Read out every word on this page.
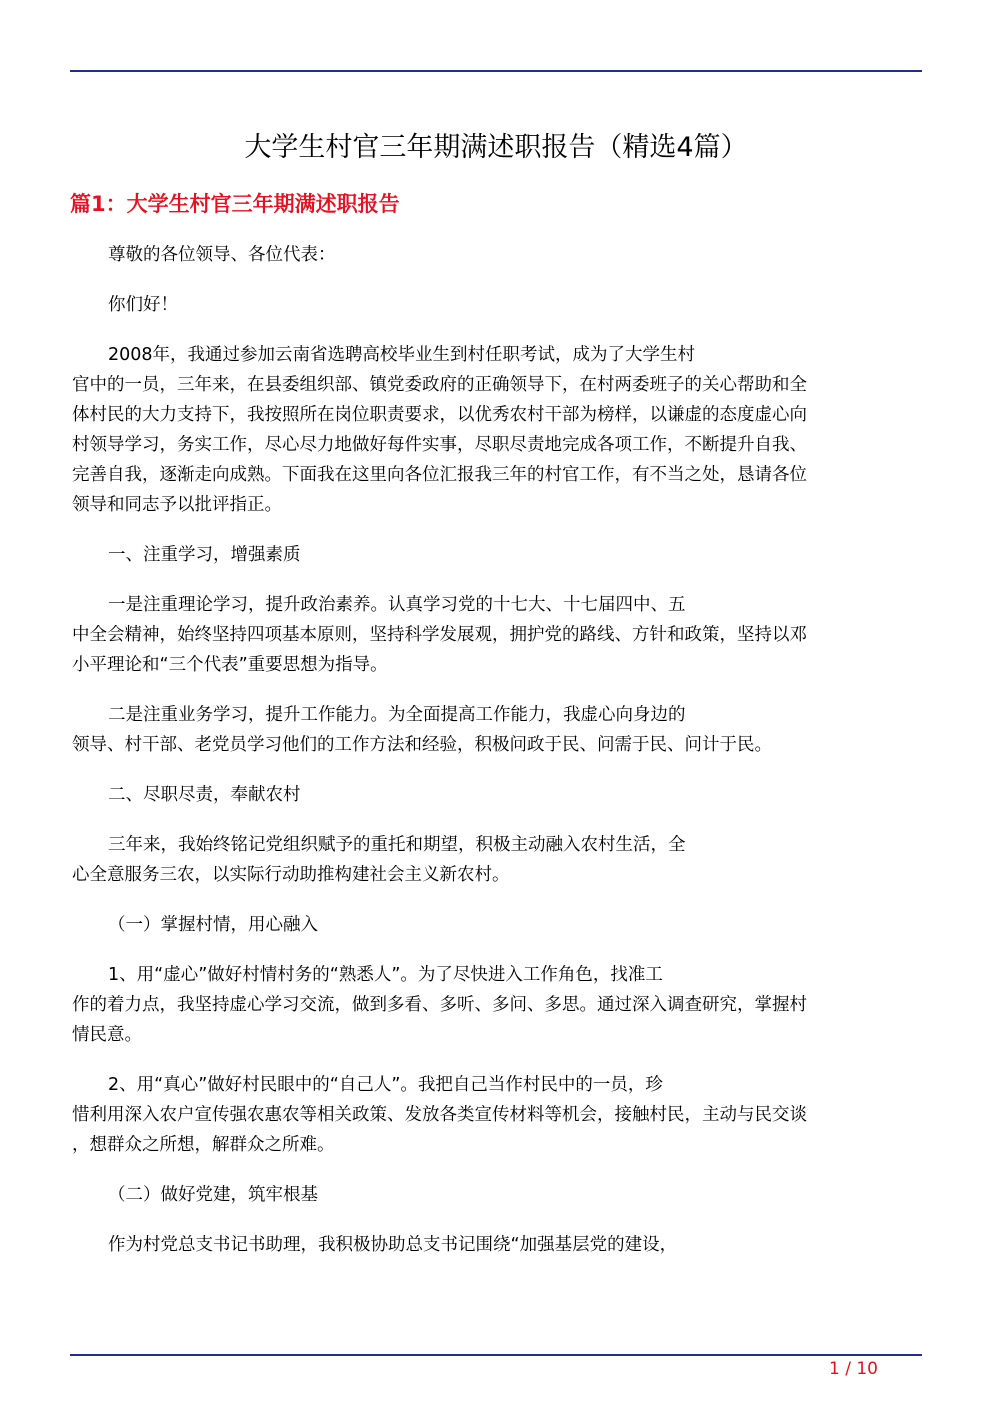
大学生村官三年期满述职报告（精选4篇）
篇1：大学生村官三年期满述职报告

尊敬的各位领导、各位代表：

你们好！

2008年，我通过参加云南省选聘高校毕业生到村任职考试，成为了大学生村
官中的一员，三年来，在县委组织部、镇党委政府的正确领导下，在村两委班子的关心帮助和全
体村民的大力支持下，我按照所在岗位职责要求，以优秀农村干部为榜样，以谦虚的态度虚心向
村领导学习，务实工作，尽心尽力地做好每件实事，尽职尽责地完成各项工作，不断提升自我、
完善自我，逐渐走向成熟。下面我在这里向各位汇报我三年的村官工作，有不当之处，恳请各位
领导和同志予以批评指正。

一、注重学习，增强素质

一是注重理论学习，提升政治素养。认真学习党的十七大、十七届四中、五
中全会精神，始终坚持四项基本原则，坚持科学发展观，拥护党的路线、方针和政策，坚持以邓
小平理论和“三个代表”重要思想为指导。

二是注重业务学习，提升工作能力。为全面提高工作能力，我虚心向身边的
领导、村干部、老党员学习他们的工作方法和经验，积极问政于民、问需于民、问计于民。

二、尽职尽责，奉献农村

三年来，我始终铭记党组织赋予的重托和期望，积极主动融入农村生活，全
心全意服务三农，以实际行动助推构建社会主义新农村。

（一）掌握村情，用心融入

1、用“虚心”做好村情村务的“熟悉人”。为了尽快进入工作角色，找准工
作的着力点，我坚持虚心学习交流，做到多看、多听、多问、多思。通过深入调查研究，掌握村
情民意。

2、用“真心”做好村民眼中的“自己人”。我把自己当作村民中的一员，珍
惜利用深入农户宣传强农惠农等相关政策、发放各类宣传材料等机会，接触村民，主动与民交谈
，想群众之所想，解群众之所难。

（二）做好党建，筑牢根基

作为村党总支书记书助理，我积极协助总支书记围绕“加强基层党的建设，

1 / 10
